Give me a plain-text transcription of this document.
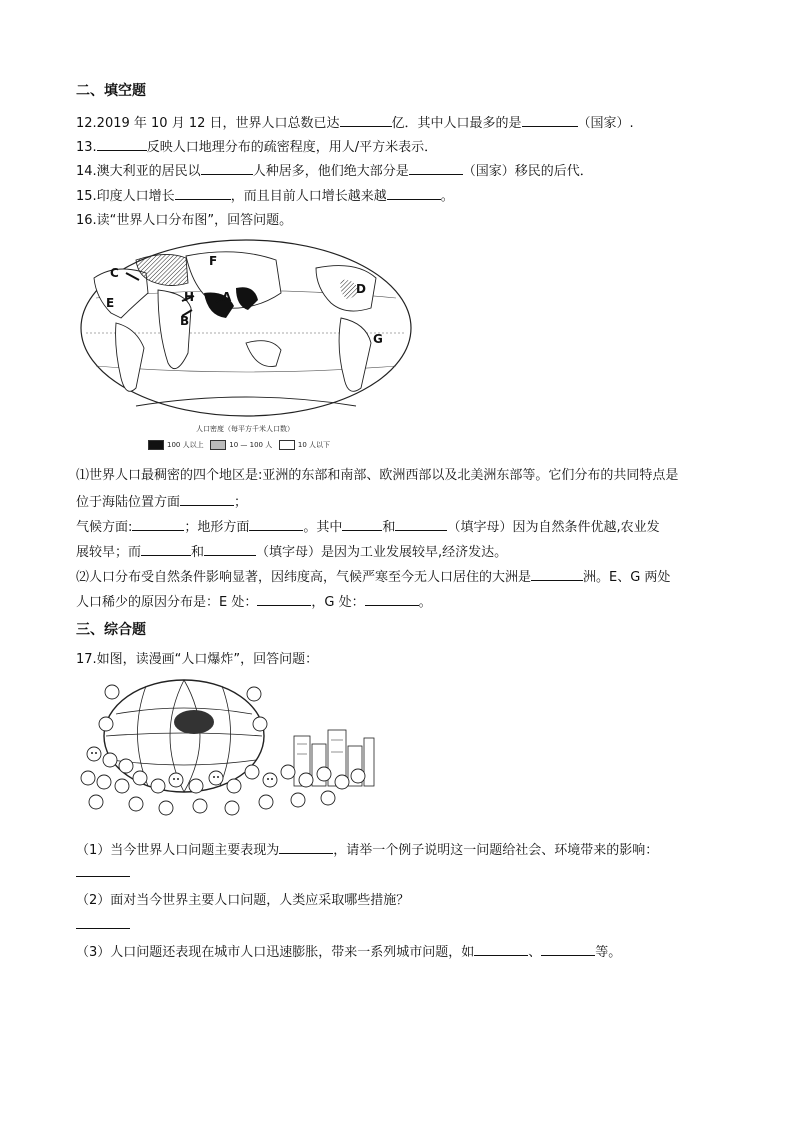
二、填空题
12.2019 年 10 月 12 日，世界人口总数已达	亿．其中人口最多的是	（国家）.
13.	反映人口地理分布的疏密程度，用人/平方米表示．
14.澳大利亚的居民以	人种居多，他们绝大部分是	（国家）移民的后代．
15.印度人口增长	，而且目前人口增长越来越	。
16.读“世界人口分布图”，回答问题。
C
F
E	H A
B
D
G
人口密度（每平方千米人口数）
100 人以上	10 — 100 人	10 人以下
⑴世界人口最稠密的四个地区是:亚洲的东部和南部、欧洲西部以及北美洲东部等。它们分布的共同特点是
位于海陆位置方面	；
气候方面:	；地形方面	。其中	和	（填字母）因为自然条件优越,农业发
展较早；而	和	（填字母）是因为工业发展较早,经济发达。
⑵人口分布受自然条件影响显著，因纬度高，气候严寒至今无人口居住的大洲是	洲。E、G 两处
人口稀少的原因分布是：E 处：	，G 处：	。
三、综合题
17.如图，读漫画“人口爆炸”，回答问题：
（1）当今世界人口问题主要表现为	，请举一个例子说明这一问题给社会、环境带来的影响：
（2）面对当今世界主要人口问题，人类应采取哪些措施？
（3）人口问题还表现在城市人口迅速膨胀，带来一系列城市问题，如	、	等。
